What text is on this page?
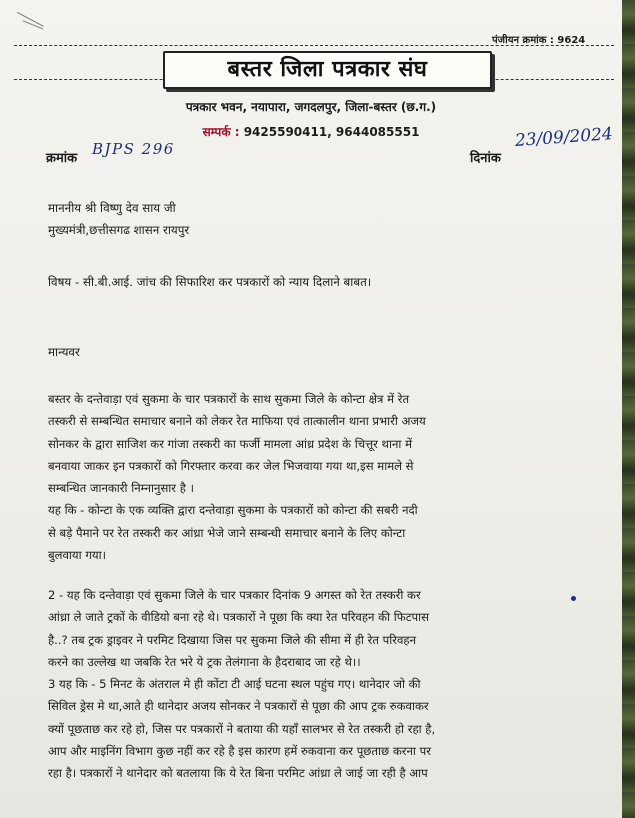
पंजीयन क्रमांक : 9624
बस्तर जिला पत्रकार संघ
पत्रकार भवन, नयापारा, जगदलपुर, जिला-बस्तर (छ.ग.)
सम्पर्क : 9425590411, 9644085551
क्रमांक
BJPS 296
दिनांक
23/09/2024
माननीय श्री विष्णु देव साय जी
मुख्यमंत्री,छत्तीसगढ शासन रायपुर
विषय - सी.बी.आई. जांच की सिफारिश कर पत्रकारों को न्याय दिलाने बाबत।
मान्यवर
बस्तर के दन्तेवाड़ा एवं सुकमा के चार पत्रकारों के साथ सुकमा जिले के कोन्टा क्षेत्र में रेत
तस्करी से सम्बन्धित समाचार बनाने को लेकर रेत माफिया एवं तात्कालीन थाना प्रभारी अजय
सोनकर के द्वारा साजिश कर गांजा तस्करी का फर्जी मामला आंध्र प्रदेश के चित्तूर थाना में
बनवाया जाकर इन पत्रकारों को गिरफ्तार करवा कर जेल भिजवाया गया था,इस मामले से
सम्बन्धित जानकारी निम्नानुसार है ।
यह कि - कोन्टा के एक व्यक्ति द्वारा दन्तेवाड़ा सुकमा के पत्रकारों को कोन्टा की सबरी नदी
से बड़े पैमाने पर रेत तस्करी कर आंध्रा भेजे जाने सम्बन्धी समाचार बनाने के लिए कोन्टा
बुलवाया गया।
2 - यह कि दन्तेवाड़ा एवं सुकमा जिले के चार पत्रकार दिनांक 9 अगस्त को रेत तस्करी कर
आंध्रा ले जाते ट्रकों के वीडियो बना रहे थे। पत्रकारों ने पूछा कि क्या रेत परिवहन की फिटपास
है..? तब ट्रक ड्राइवर ने परमिट दिखाया जिस पर सुकमा जिले की सीमा में ही रेत परिवहन
करने का उल्लेख था जबकि रेत भरे ये ट्रक तेलंगाना के हैदराबाद जा रहे थे।।
3 यह कि - 5 मिनट के अंतराल मे ही कोंटा टी आई घटना स्थल पहुंच गए। थानेदार जो की
सिविल ड्रेस मे था,आते ही थानेदार अजय सोनकर ने पत्रकारों से पूछा की आप ट्रक रुकवाकर
क्यों पूछताछ कर रहे हो, जिस पर पत्रकारों ने बताया की यहाँ सालभर से रेत तस्करी हो रहा है,
आप और माइनिंग विभाग कुछ नहीं कर रहे है इस कारण हमें रुकवाना कर पूछताछ करना पर
रहा है। पत्रकारों ने थानेदार को बतलाया कि ये रेत बिना परमिट आंध्रा ले जाई जा रही है आप
